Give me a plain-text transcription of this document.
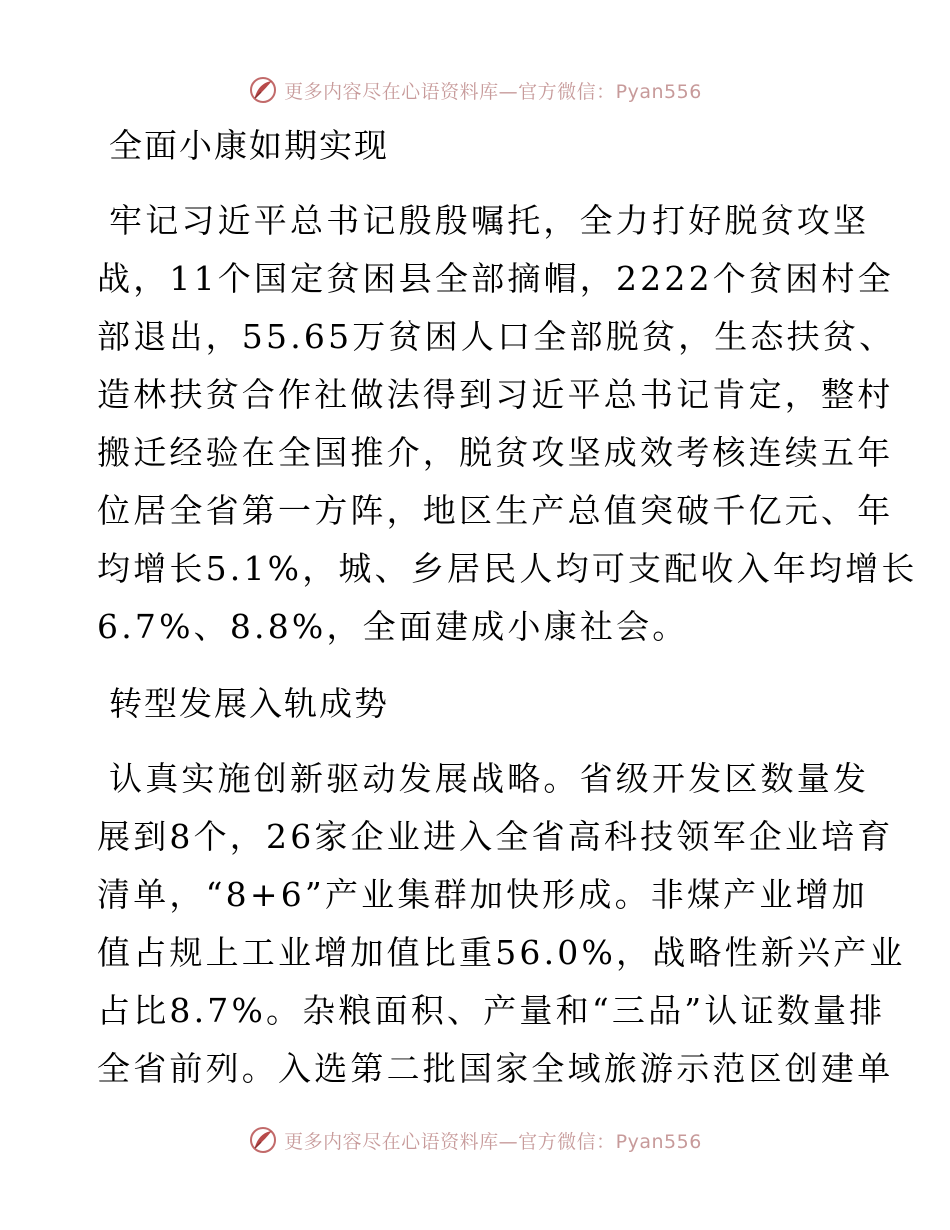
更多内容尽在心语资料库—官方微信：Pyan556
全面小康如期实现
牢记习近平总书记殷殷嘱托，全力打好脱贫攻坚
战，11个国定贫困县全部摘帽，2222个贫困村全
部退出，55.65万贫困人口全部脱贫，生态扶贫、
造林扶贫合作社做法得到习近平总书记肯定，整村
搬迁经验在全国推介，脱贫攻坚成效考核连续五年
位居全省第一方阵，地区生产总值突破千亿元、年
均增长5.1%，城、乡居民人均可支配收入年均增长
6.7%、8.8%，全面建成小康社会。
转型发展入轨成势
认真实施创新驱动发展战略。省级开发区数量发
展到8个，26家企业进入全省高科技领军企业培育
清单，“8+6”产业集群加快形成。非煤产业增加
值占规上工业增加值比重56.0%，战略性新兴产业
占比8.7%。杂粮面积、产量和“三品”认证数量排
全省前列。入选第二批国家全域旅游示范区创建单
更多内容尽在心语资料库—官方微信：Pyan556
